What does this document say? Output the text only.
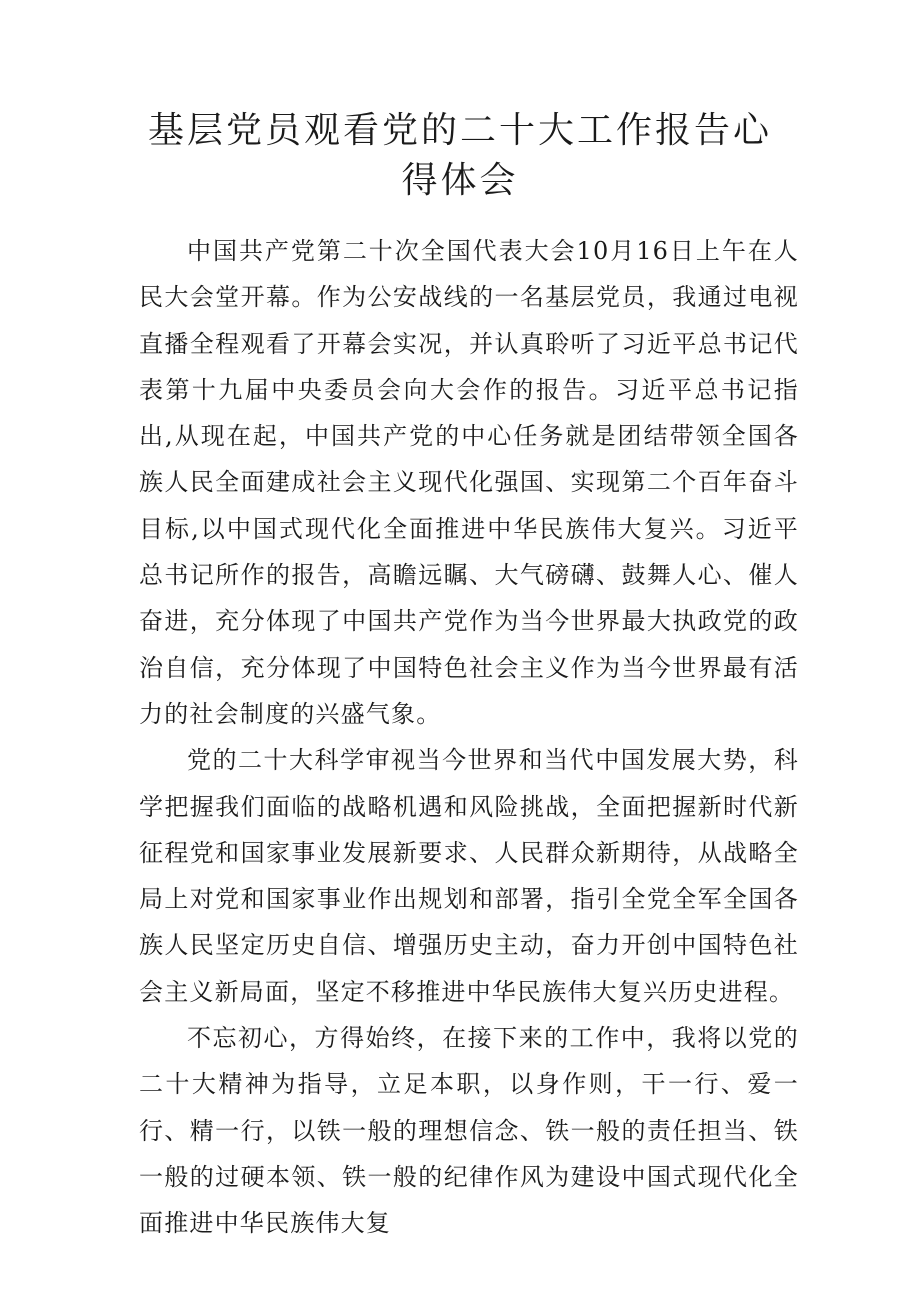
基层党员观看党的二十大工作报告心得体会

中国共产党第二十次全国代表大会10月16日上午在人民大会堂开幕。作为公安战线的一名基层党员，我通过电视直播全程观看了开幕会实况，并认真聆听了习近平总书记代表第十九届中央委员会向大会作的报告。习近平总书记指出,从现在起，中国共产党的中心任务就是团结带领全国各族人民全面建成社会主义现代化强国、实现第二个百年奋斗目标,以中国式现代化全面推进中华民族伟大复兴。习近平总书记所作的报告，高瞻远瞩、大气磅礴、鼓舞人心、催人奋进，充分体现了中国共产党作为当今世界最大执政党的政治自信，充分体现了中国特色社会主义作为当今世界最有活力的社会制度的兴盛气象。

党的二十大科学审视当今世界和当代中国发展大势，科学把握我们面临的战略机遇和风险挑战，全面把握新时代新征程党和国家事业发展新要求、人民群众新期待，从战略全局上对党和国家事业作出规划和部署，指引全党全军全国各族人民坚定历史自信、增强历史主动，奋力开创中国特色社会主义新局面，坚定不移推进中华民族伟大复兴历史进程。

不忘初心，方得始终，在接下来的工作中，我将以党的二十大精神为指导，立足本职，以身作则，干一行、爱一行、精一行，以铁一般的理想信念、铁一般的责任担当、铁一般的过硬本领、铁一般的纪律作风为建设中国式现代化全面推进中华民族伟大复
